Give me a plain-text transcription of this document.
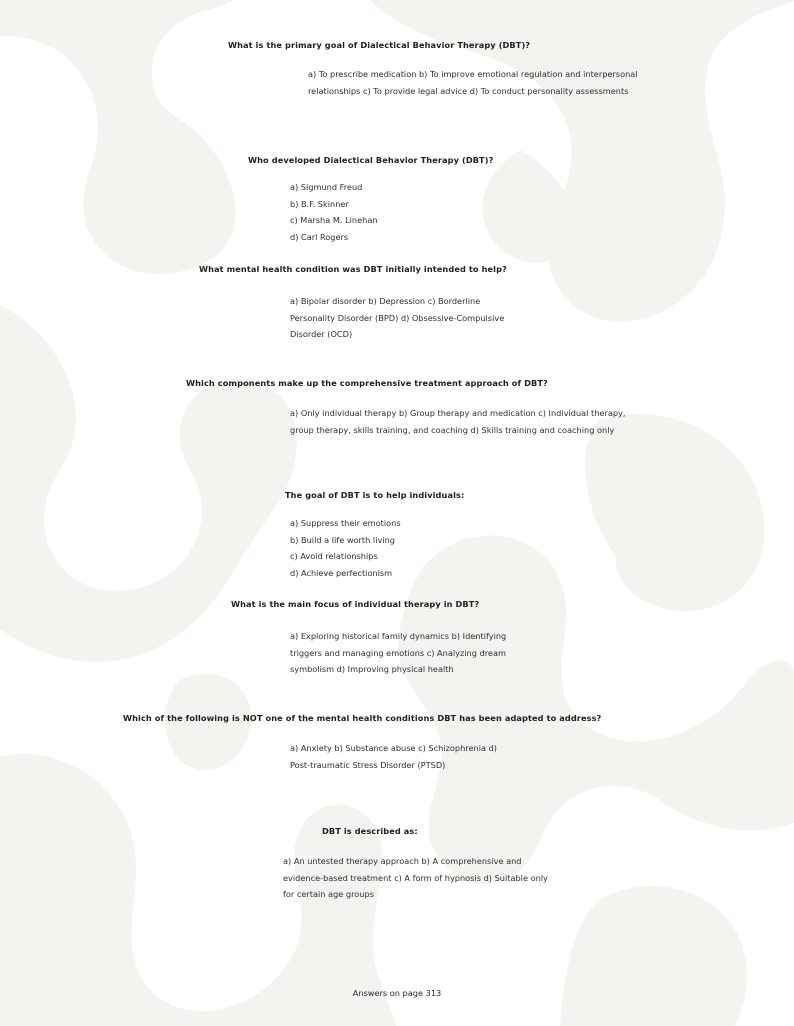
What is the primary goal of Dialectical Behavior Therapy (DBT)?
a) To prescribe medication b) To improve emotional regulation and interpersonal relationships c) To provide legal advice d) To conduct personality assessments
Who developed Dialectical Behavior Therapy (DBT)?
a) Sigmund Freud
b) B.F. Skinner
c) Marsha M. Linehan
d) Carl Rogers
What mental health condition was DBT initially intended to help?
a) Bipolar disorder b) Depression c) Borderline Personality Disorder (BPD) d) Obsessive-Compulsive Disorder (OCD)
Which components make up the comprehensive treatment approach of DBT?
a) Only individual therapy b) Group therapy and medication c) Individual therapy, group therapy, skills training, and coaching d) Skills training and coaching only
The goal of DBT is to help individuals:
a) Suppress their emotions
b) Build a life worth living
c) Avoid relationships
d) Achieve perfectionism
What is the main focus of individual therapy in DBT?
a) Exploring historical family dynamics b) Identifying triggers and managing emotions c) Analyzing dream symbolism d) Improving physical health
Which of the following is NOT one of the mental health conditions DBT has been adapted to address?
a) Anxiety b) Substance abuse c) Schizophrenia d) Post-traumatic Stress Disorder (PTSD)
DBT is described as:
a) An untested therapy approach b) A comprehensive and evidence-based treatment c) A form of hypnosis d) Suitable only for certain age groups
Answers on page 313
